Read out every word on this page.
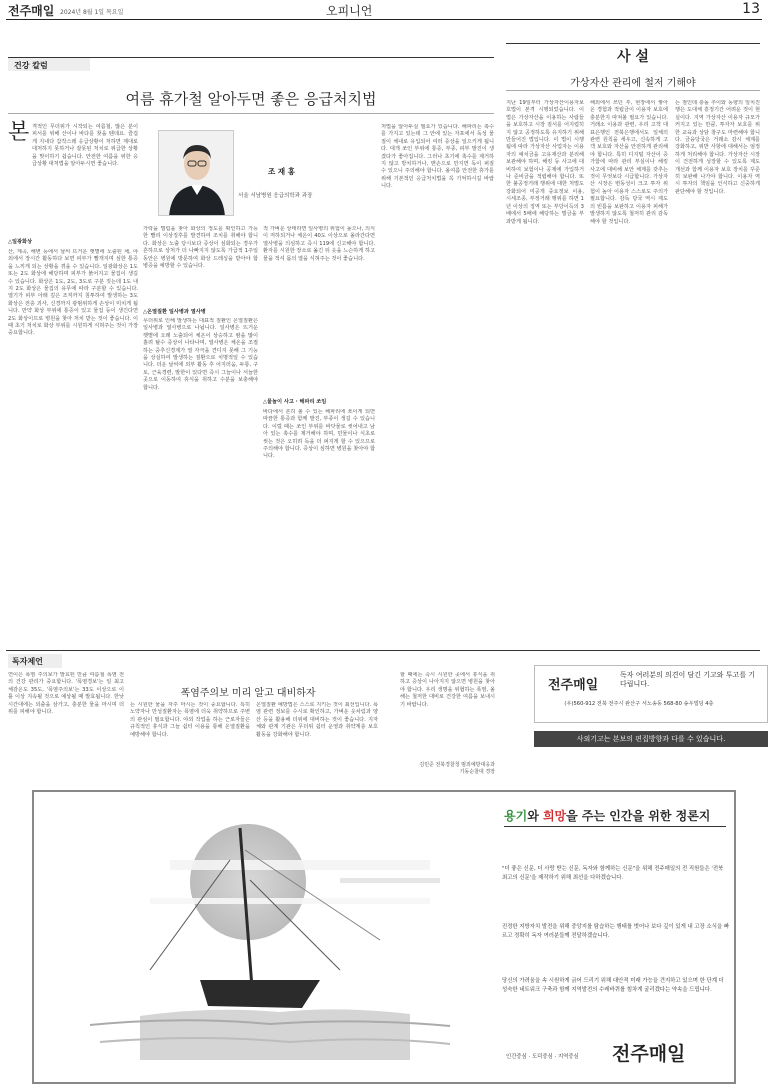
전주매일 2024년 8월 1일 목요일	오피니언	13
건강 칼럼
여름 휴가철 알아두면 좋은 응급처치법
본 격적인 무더위가 시작되는 여름철, 많은 분이 피서를 위해 산이나 바다를 찾을 텐데요. 즐겁게 지내다 갑작스레 응급상황이 처하면 제대로 대처하지 못하거나 잘못된 처치로 위급한 상황을 맞이하기 쉽습니다. 안전한 여름을 위한 응급상황 대처법을 알아두시면 좋습니다.
조 재 홍
서울 서남병원 응급의학과 과장
△일광화상
산, 계곡, 해변 등에서 날씨 뜨거운 햇볕에 노출된 채, 야외에서 장시간 활동하다 보면 피부가 빨개지며 심한 통증을 느끼게 되는 상황을 겪을 수 있습니다. 일광화상은 1도 또는 2도 화상에 해당하며 피부가 붉어지고 물집이 생길 수 있습니다. 화상은 1도, 2도, 3도로 구분 짓는데 1도 내지 2도 화상은 물집의 유무에 따라 구분할 수 있습니다. 열기가 피부 아래 깊은 조직까지 침투하여 발생하는 3도 화상은 전층 괴사, 신경까지 광범위하게 손상이 미치게 됩니다. 만약 화상 부위에 통증이 있고 물집 등이 생긴다면 2도 화상이므로 병원을 찾아 처치 받는 것이 좋습니다. 이때 초기 처치로 화상 부위를 시원하게 식혀주는 것이 가장 중요합니다.
가락을 벌림을 찾아 화상의 정도를 확인하고 가능한 빨리 이상징후를 발견하여 조치를 취해야 합니다. 화상은 노출 당시보다 증상이 심화되는 경우가 흔하므로 상처가 더 나빠지지 않도록 가급적 1주일 동안은 병원에 방문하여 화상 드레싱을 받아야 합병증을 예방할 수 있습니다.
△온열질환 일사병과 열사병
무더위로 인해 발생하는 대표적 질환인 온열질환은 일사병과 열사병으로 나뉩니다. 일사병은 뜨거운 햇볕에 오래 노출되어 체온이 상승하고 땀을 많이 흘려 탈수 증상이 나타나며, 열사병은 체온을 조절하는 중추신경계가 열 자극을 견디지 못해 그 기능을 상실하여 발생하는 질환으로 치명적일 수 있습니다. 더운 날씨에 외부 활동 후 어지러움, 두통, 구토, 근육경련, 발한이 있다면 즉시 그늘이나 서늘한 곳으로 이동하여 휴식을 취하고 수분을 보충해야 합니다.
적 가벼운 상태라면 일사병의 위험이 높으나, 의식이 저하되거나 체온이 40도 이상으로 올라간다면 열사병을 의심하고 즉시 119에 신고해야 합니다. 환자를 시원한 장소로 옮긴 뒤 옷을 느슨하게 하고 물을 적셔 몸의 열을 식혀주는 것이 좋습니다.
△물놀이 사고 · 해파리 쏘임
바다에서 흔히 볼 수 있는 해파리에 쏘이게 되면 따끔한 통증과 함께 발진, 부종이 생길 수 있습니다. 이럴 때는 쏘인 부위를 바닷물로 씻어내고 남아 있는 촉수를 제거해야 하며, 민물이나 식초로 씻는 것은 오히려 독을 더 퍼지게 할 수 있으므로 주의해야 합니다. 증상이 심하면 병원을 찾아야 합니다.
처법을 알아두실 필요가 있습니다. 해파리는 촉수를 가지고 있는데 그 안에 있는 자포에서 독성 물질이 체내로 유입되어 여러 증상을 일으키게 됩니다. 대개 쏘인 부위에 통증, 부종, 피부 발진이 생겼다가 좋아집니다. 그러나 초기에 촉수를 제거하지 않고 방치하거나, 맨손으로 만지면 독이 퍼질 수 있으니 주의해야 합니다. 올여름 안전한 휴가를 위해 기본적인 응급처치법을 꼭 기억하시길 바랍니다.
사 설
가상자산 관리에 철저 기해야
지난 19일부터 가상자산이용자보호법이 본격 시행되었습니다. 이 법은 가상자산을 이용하는 사람들을 보호하고 시장 질서를 어지럽히지 않고 공정하도록 유지하기 위해 만들어진 법입니다. 이 법이 시행됨에 따라 가상자산 사업자는 이용자의 예치금을 고유재산과 분리해 보관해야 하며, 해킹 등 사고에 대비하여 보험이나 공제에 가입하거나 준비금을 적립해야 합니다. 또한 불공정거래 행위에 대한 처벌도 강화되어 미공개 중요정보 이용, 시세조종, 부정거래 행위를 하면 1년 이상의 징역 또는 부당이득의 3배에서 5배에 해당하는 벌금을 부과받게 됩니다.
해외에서 쓰던 후, 현장에서 쌓아 온 경험과 적립금이 이용자 보호에 충분한지 따져볼 필요가 있습니다. 거래소 이용과 관련, 우리 고객 대표은행인 전북은행에서도 일체의 관련 원칙을 세우고, 신속하게 고객 보호와 자산을 안전하게 관리해야 합니다. 특히 디지털 자산이 증가함에 따라 관리 부실이나 해킹 사고에 대비해 보안 체계를 갖추는 것이 무엇보다 시급합니다. 가상자산 시장은 변동성이 크고 투자 위험이 높아 이용자 스스로도 주의가 필요합니다. 감독 당국 역시 제도의 빈틈을 보완하고 이용자 피해가 발생하지 않도록 철저히 관리 감독해야 할 것입니다.
는 점인데 충돌 추이와 동향의 일치진행은 도대체 흥정기간 어려운 것이 현실이다. 지역 가상자산 이용자 규모가 커지고 있는 만큼, 투자자 보호를 위한 교육과 상담 창구도 마련해야 합니다. 금융당국은 거래소 감시 체계를 강화하고, 위반 사항에 대해서는 엄정하게 처리해야 합니다. 가상자산 시장이 건전하게 성장할 수 있도록 제도 개선과 함께 이용자 보호 장치를 꾸준히 보완해 나가야 합니다. 이용자 역시 투자의 책임을 인식하고 신중하게 판단해야 할 것입니다.
독자제언
폭염주의보 미리 알고 대비하자
연이은 폭염 주의보가 발효된 만큼 여름철 폭염 전의 건강 관리가 중요합니다. '폭염경보'는 일 최고 체감온도 35도, '폭염주의보'는 33도 이상으로 이틀 이상 지속될 것으로 예상될 때 발효됩니다. 한낮 시간대에는 외출을 삼가고, 충분한 물을 마시며 더위를 피해야 합니다.
는 시원한 물을 자주 마시는 것이 중요합니다. 특히 노약자나 만성질환자는 폭염에 더욱 취약하므로 주변의 관심이 필요합니다. 야외 작업을 하는 근로자들은 규칙적인 휴식과 그늘 쉼터 이용을 통해 온열질환을 예방해야 합니다.
온열질환 예방법은 스스로 지키는 것이 최선입니다. 폭염 관련 정보를 수시로 확인하고, 가벼운 옷차림과 양산 등을 활용해 더위에 대비하는 것이 좋습니다. 지자체와 관계 기관은 무더위 쉼터 운영과 취약계층 보호 활동을 강화해야 합니다.
할 때에는 즉시 시원한 곳에서 휴식을 취하고 증상이 나아지지 않으면 병원을 찾아야 합니다. 우리 생명을 위협하는 폭염, 올해는 철저한 대비로 건강한 여름을 보내시기 바랍니다.
김민준 전북경찰청 범죄예방대응과
기동순찰대 경장
전주매일
독자 여러분의 의견이 담긴 기고와 투고를 기다립니다.
(우)560-912 전북 전주시 완산구 서노송동 568-80 송우빌딩 4층
사외기고는 본보의 편집방향과 다를 수 있습니다.
용기와 희망을 주는 인간을 위한 정론지
"더 좋은 신문, 더 사랑 받는 신문, 독자와 함께하는 신문"을 위해 전주매일의 전 직원들은 '전북 최고의 신문'을 제작하기 위해 최선을 다하겠습니다.
진정한 지방자치 발전을 위해 중앙지를 탐습하는 행태를 벗어나 보다 깊이 있게 내 고장 소식을 빠르고 정확히 독자 여러분들께 전달하겠습니다.
당신의 가려움을 속 시원하게 긁어 드리기 위해 대안적 미래 가능을 견지하고 있으며 한 단계 더 성숙한 네트워크 구축과 함께 지역발전의 수레바퀴를 힘차게 굴리겠다는 약속을 드립니다.
인간중심 · 도덕중심 · 지역중심 전주매일
